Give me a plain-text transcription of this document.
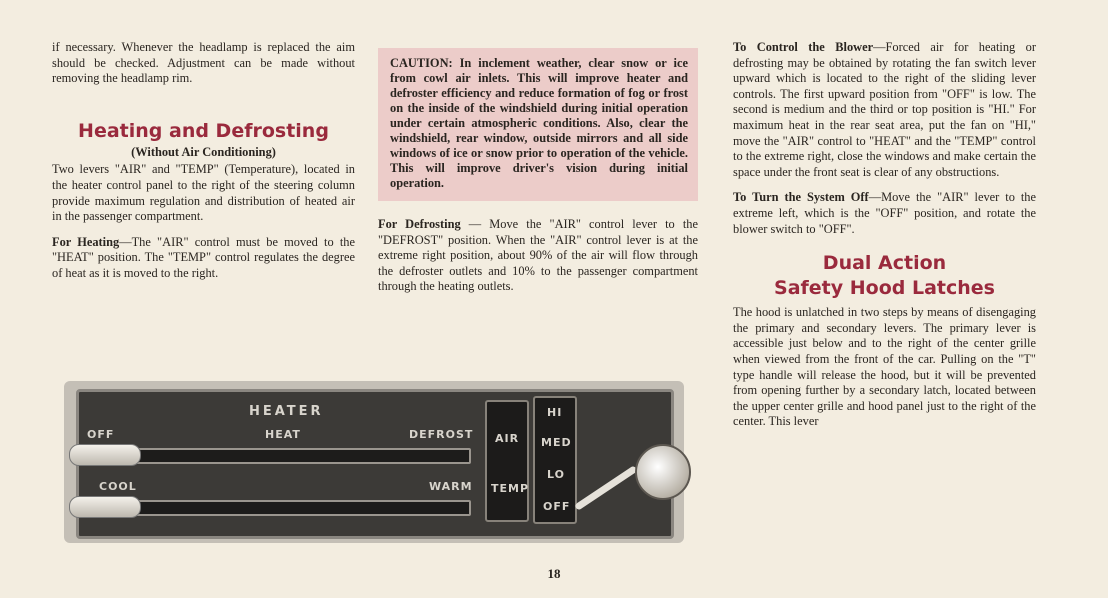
if necessary. Whenever the headlamp is replaced the aim should be checked. Adjustment can be made without removing the headlamp rim.

Heating and Defrosting
(Without Air Conditioning)

Two levers "AIR" and "TEMP" (Temperature), located in the heater control panel to the right of the steering column provide maximum regulation and distribution of heated air in the passenger compartment.

For Heating—The "AIR" control must be moved to the "HEAT" position. The "TEMP" control regulates the degree of heat as it is moved to the right.

CAUTION: In inclement weather, clear snow or ice from cowl air inlets. This will improve heater and defroster efficiency and reduce formation of fog or frost on the inside of the windshield during initial operation under certain atmospheric conditions. Also, clear the windshield, rear window, outside mirrors and all side windows of ice or snow prior to operation of the vehicle. This will improve driver's vision during initial operation.

For Defrosting — Move the "AIR" control lever to the "DEFROST" position. When the "AIR" control lever is at the extreme right position, about 90% of the air will flow through the defroster outlets and 10% to the passenger compartment through the heating outlets.

To Control the Blower—Forced air for heating or defrosting may be obtained by rotating the fan switch lever upward which is located to the right of the sliding lever controls. The first upward position from "OFF" is low. The second is medium and the third or top position is "HI." For maximum heat in the rear seat area, put the fan on "HI," move the "AIR" control to "HEAT" and the "TEMP" control to the extreme right, close the windows and make certain the space under the front seat is clear of any obstructions.

To Turn the System Off—Move the "AIR" lever to the extreme left, which is the "OFF" position, and rotate the blower switch to "OFF".

Dual Action
Safety Hood Latches

The hood is unlatched in two steps by means of disengaging the primary and secondary levers. The primary lever is accessible just below and to the right of the center grille when viewed from the front of the car. Pulling on the "T" type handle will release the hood, but it will be prevented from opening further by a secondary latch, located between the upper center grille and hood panel just to the right of the center. This lever

HEATER
OFF	HEAT	DEFROST
COOL	WARM
AIR
TEMP
HI
MED
LO
OFF
18
